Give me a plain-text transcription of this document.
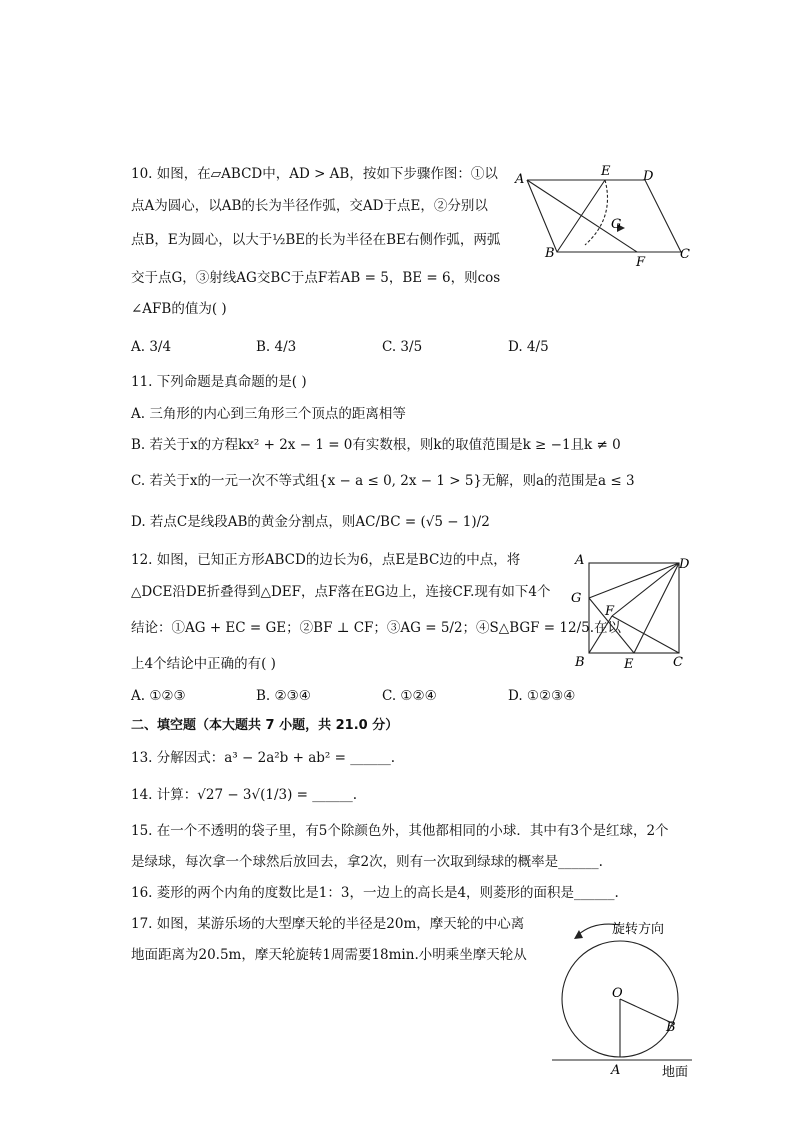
10. 如图，在▱ABCD中，AD > AB，按如下步骤作图：①以
点A为圆心，以AB的长为半径作弧，交AD于点E，②分别以
点B，E为圆心，以大于½BE的长为半径在BE右侧作弧，两弧
交于点G，③射线AG交BC于点F若AB = 5，BE = 6，则cos
∠AFB的值为( )
A. 3/4	B. 4/3	C. 3/5	D. 4/5
A
E	D
G
B
F
C
11. 下列命题是真命题的是( )
A. 三角形的内心到三角形三个顶点的距离相等
B. 若关于x的方程kx² + 2x − 1 = 0有实数根，则k的取值范围是k ≥ −1且k ≠ 0
C. 若关于x的一元一次不等式组{x − a ≤ 0, 2x − 1 > 5}无解，则a的范围是a ≤ 3
D. 若点C是线段AB的黄金分割点，则AC/BC = (√5 − 1)/2
12. 如图，已知正方形ABCD的边长为6，点E是BC边的中点，将
△DCE沿DE折叠得到△DEF，点F落在EG边上，连接CF.现有如下4个
结论：①AG + EC = GE；②BF ⊥ CF；③AG = 5/2；④S△BGF = 12/5.在以
上4个结论中正确的有( )
A. ①②③	B. ②③④	C. ①②④	D. ①②③④
A	D
G
F
B	E	C
二、填空题（本大题共 7 小题，共 21.0 分）
13. 分解因式：a³ − 2a²b + ab² = ______.
14. 计算：√27 − 3√(1/3) = ______.
15. 在一个不透明的袋子里，有5个除颜色外，其他都相同的小球．其中有3个是红球，2个
是绿球，每次拿一个球然后放回去，拿2次，则有一次取到绿球的概率是______.
16. 菱形的两个内角的度数比是1：3，一边上的高长是4，则菱形的面积是______.
17. 如图，某游乐场的大型摩天轮的半径是20m，摩天轮的中心离
地面距离为20.5m，摩天轮旋转1周需要18min.小明乘坐摩天轮从
旋转方向
O
B
A	地面
